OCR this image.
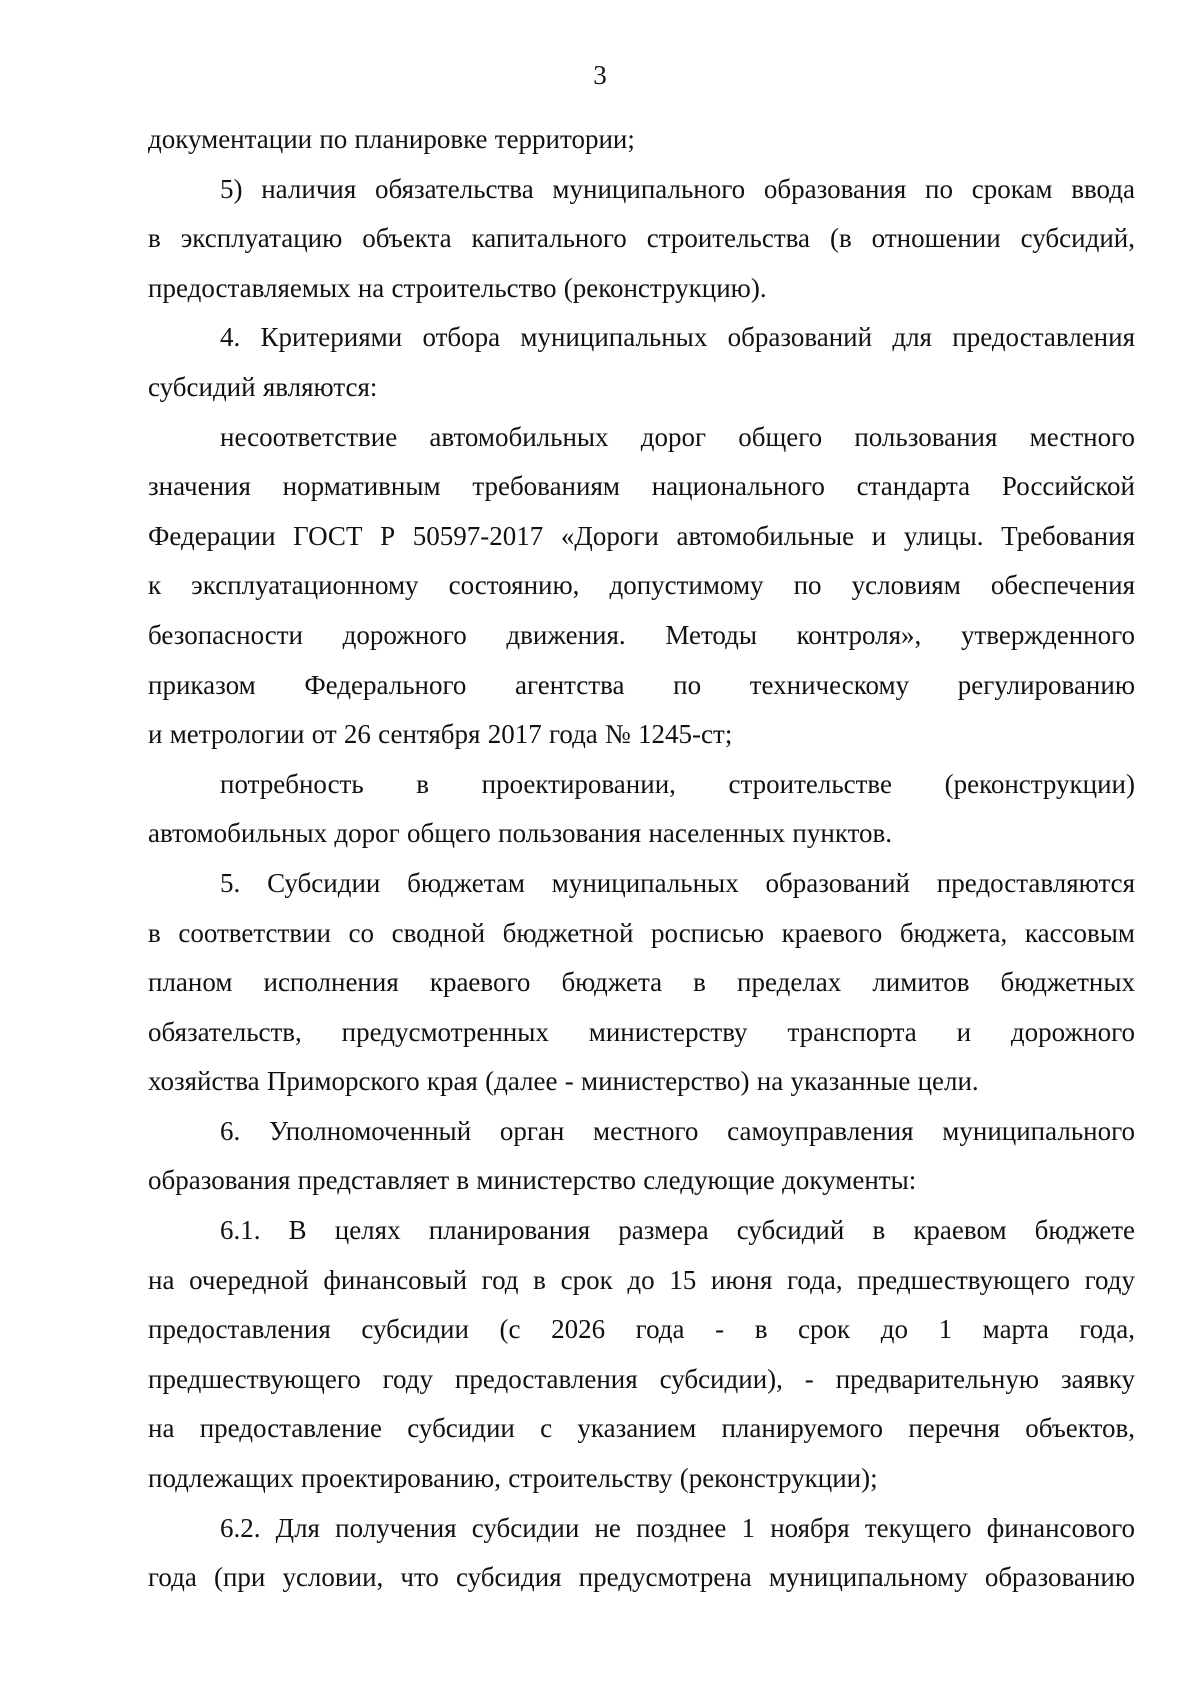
3
документации по планировке территории;
5) наличия обязательства муниципального образования по срокам ввода
в эксплуатацию объекта капитального строительства (в отношении субсидий,
предоставляемых на строительство (реконструкцию).
4. Критериями отбора муниципальных образований для предоставления
субсидий являются:
несоответствие автомобильных дорог общего пользования местного
значения нормативным требованиям национального стандарта Российской
Федерации ГОСТ Р 50597-2017 «Дороги автомобильные и улицы. Требования
к эксплуатационному состоянию, допустимому по условиям обеспечения
безопасности дорожного движения. Методы контроля», утвержденного
приказом Федерального агентства по техническому регулированию
и метрологии от 26 сентября 2017 года № 1245-ст;
потребность в проектировании, строительстве (реконструкции)
автомобильных дорог общего пользования населенных пунктов.
5. Субсидии бюджетам муниципальных образований предоставляются
в соответствии со сводной бюджетной росписью краевого бюджета, кассовым
планом исполнения краевого бюджета в пределах лимитов бюджетных
обязательств, предусмотренных министерству транспорта и дорожного
хозяйства Приморского края (далее - министерство) на указанные цели.
6. Уполномоченный орган местного самоуправления муниципального
образования представляет в министерство следующие документы:
6.1. В целях планирования размера субсидий в краевом бюджете
на очередной финансовый год в срок до 15 июня года, предшествующего году
предоставления субсидии (с 2026 года - в срок до 1 марта года,
предшествующего году предоставления субсидии), - предварительную заявку
на предоставление субсидии с указанием планируемого перечня объектов,
подлежащих проектированию, строительству (реконструкции);
6.2. Для получения субсидии не позднее 1 ноября текущего финансового
года (при условии, что субсидия предусмотрена муниципальному образованию
